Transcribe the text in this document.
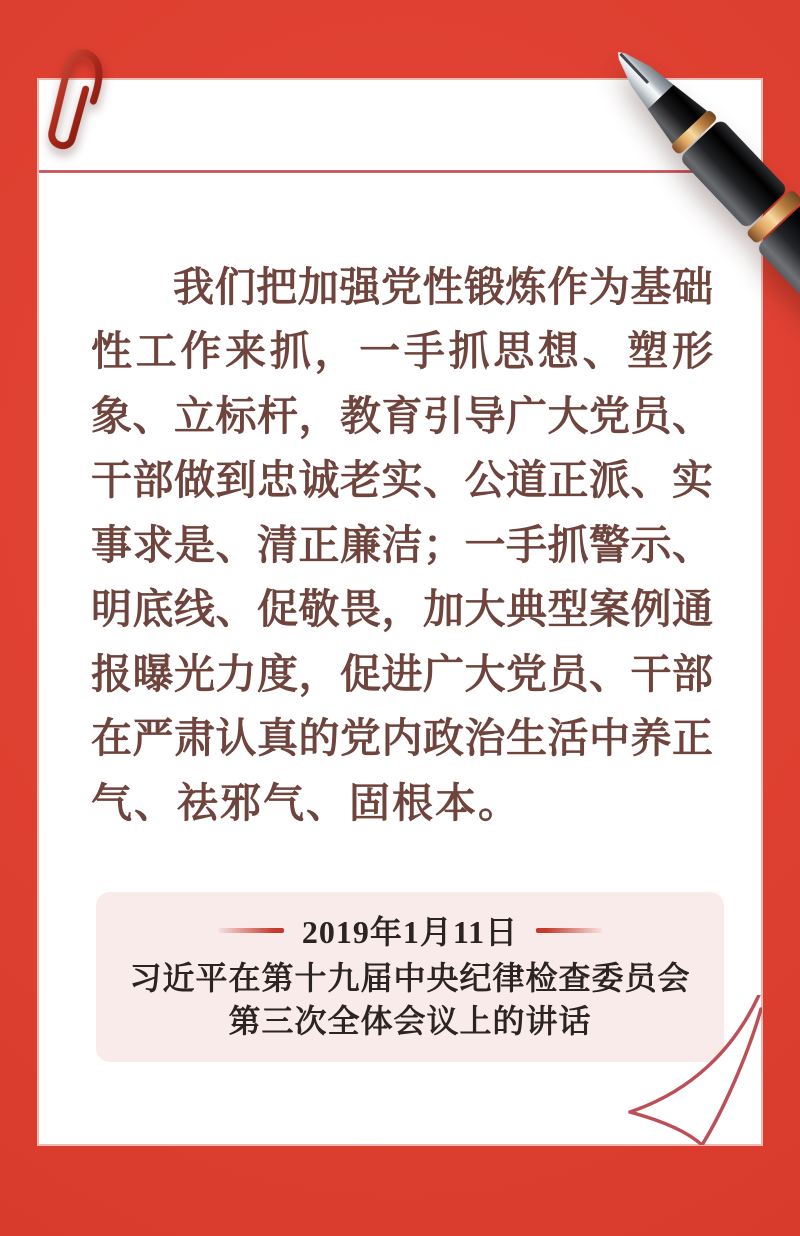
我 们 把 加 强 党 性 锻 炼 作 为 基 础
性 工 作 来 抓 ， 一 手 抓 思 想 、 塑 形
象 、 立 标 杆 ， 教 育 引 导 广 大 党 员 、
干 部 做 到 忠 诚 老 实 、 公 道 正 派 、 实
事 求 是 、 清 正 廉 洁 ； 一 手 抓 警 示 、
明 底 线 、 促 敬 畏 ， 加 大 典 型 案 例 通
报 曝 光 力 度 ， 促 进 广 大 党 员 、 干 部
在 严 肃 认 真 的 党 内 政 治 生 活 中 养 正
气 、 祛 邪 气 、 固 根 本 。
2019年1月11日
习近平在第十九届中央纪律检查委员会
第三次全体会议上的讲话
